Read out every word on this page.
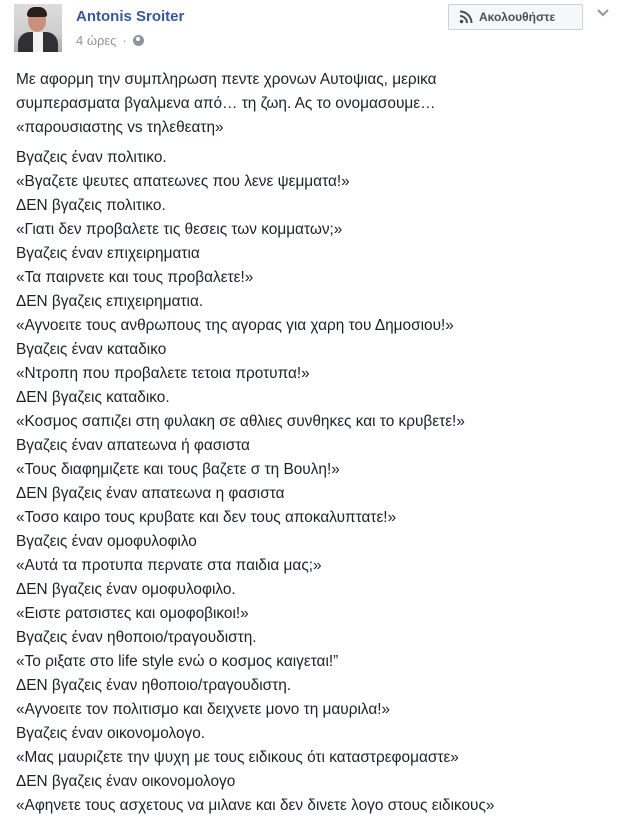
Antonis Sroiter
4 ώρες ·
Ακολουθήστε
Με αφορμη την συμπληρωση πεντε χρονων Αυτοψιας, μερικα
συμπερασματα βγαλμενα από… τη ζωη. Ας το ονομασουμε…
«παρουσιαστης vs τηλεθεατη»
Βγαζεις έναν πολιτικο.
«Βγαζετε ψευτες απατεωνες που λενε ψεμματα!»
ΔΕΝ βγαζεις πολιτικο.
«Γιατι δεν προβαλετε τις θεσεις των κομματων;»
Βγαζεις έναν επιχειρηματια
«Τα παιρνετε και τους προβαλετε!»
ΔΕΝ βγαζεις επιχειρηματια.
«Αγνοειτε τους ανθρωπους της αγορας για χαρη του Δημοσιου!»
Βγαζεις έναν καταδικο
«Ντροπη που προβαλετε τετοια προτυπα!»
ΔΕΝ βγαζεις καταδικο.
«Κοσμος σαπιζει στη φυλακη σε αθλιες συνθηκες και το κρυβετε!»
Βγαζεις έναν απατεωνα ή φασιστα
«Τους διαφημιζετε και τους βαζετε σ τη Βουλη!»
ΔΕΝ βγαζεις έναν απατεωνα η φασιστα
«Τοσο καιρο τους κρυβατε και δεν τους αποκαλυπτατε!»
Βγαζεις έναν ομοφυλοφιλο
«Αυτά τα προτυπα περνατε στα παιδια μας;»
ΔΕΝ βγαζεις έναν ομοφυλοφιλο.
«Ειστε ρατσιστες και ομοφοβικοι!»
Βγαζεις έναν ηθοποιο/τραγουδιστη.
«Το ριξατε στο life style ενώ ο κοσμος καιγεται!”
ΔΕΝ βγαζεις έναν ηθοποιο/τραγουδιστη.
«Αγνοειτε τον πολιτισμο και δειχνετε μονο τη μαυριλα!»
Βγαζεις έναν οικονομολογο.
«Μας μαυριζετε την ψυχη με τους ειδικους ότι καταστρεφομαστε»
ΔΕΝ βγαζεις έναν οικονομολογο
«Αφηνετε τους ασχετους να μιλανε και δεν δινετε λογο στους ειδικους»
